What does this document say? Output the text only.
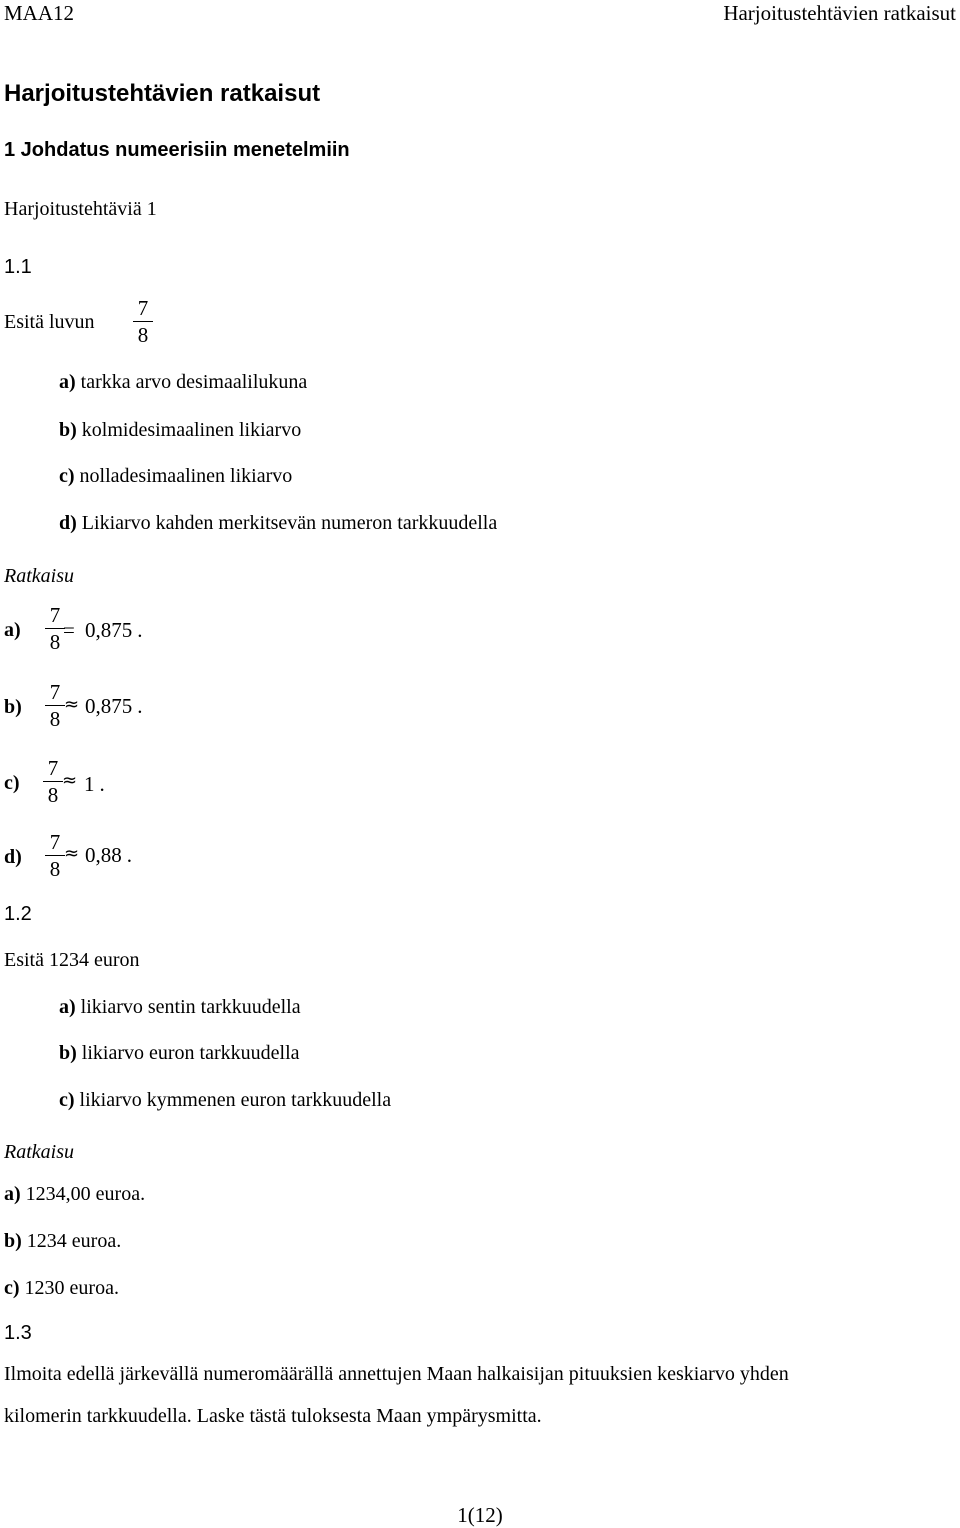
MAA12	Harjoitustehtävien ratkaisut
Harjoitustehtävien ratkaisut
1 Johdatus numeerisiin menetelmiin
Harjoitustehtäviä 1
1.1
Esitä luvun
7
8
a) tarkka arvo desimaalilukuna
b) kolmidesimaalinen likiarvo
c) nolladesimaalinen likiarvo
d) Likiarvo kahden merkitsevän numeron tarkkuudella
Ratkaisu
a)
7
8 = 0,875 .
b)
7
8
≈ 0,875 .
c)
7
8
≈ 1 .
d)
7
8
≈ 0,88 .
1.2
Esitä 1234 euron
a) likiarvo sentin tarkkuudella
b) likiarvo euron tarkkuudella
c) likiarvo kymmenen euron tarkkuudella
Ratkaisu
a) 1234,00 euroa.
b) 1234 euroa.
c) 1230 euroa.
1.3
Ilmoita edellä järkevällä numeromäärällä annettujen Maan halkaisijan pituuksien keskiarvo yhden
kilomerin tarkkuudella. Laske tästä tuloksesta Maan ympärysmitta.
1(12)
